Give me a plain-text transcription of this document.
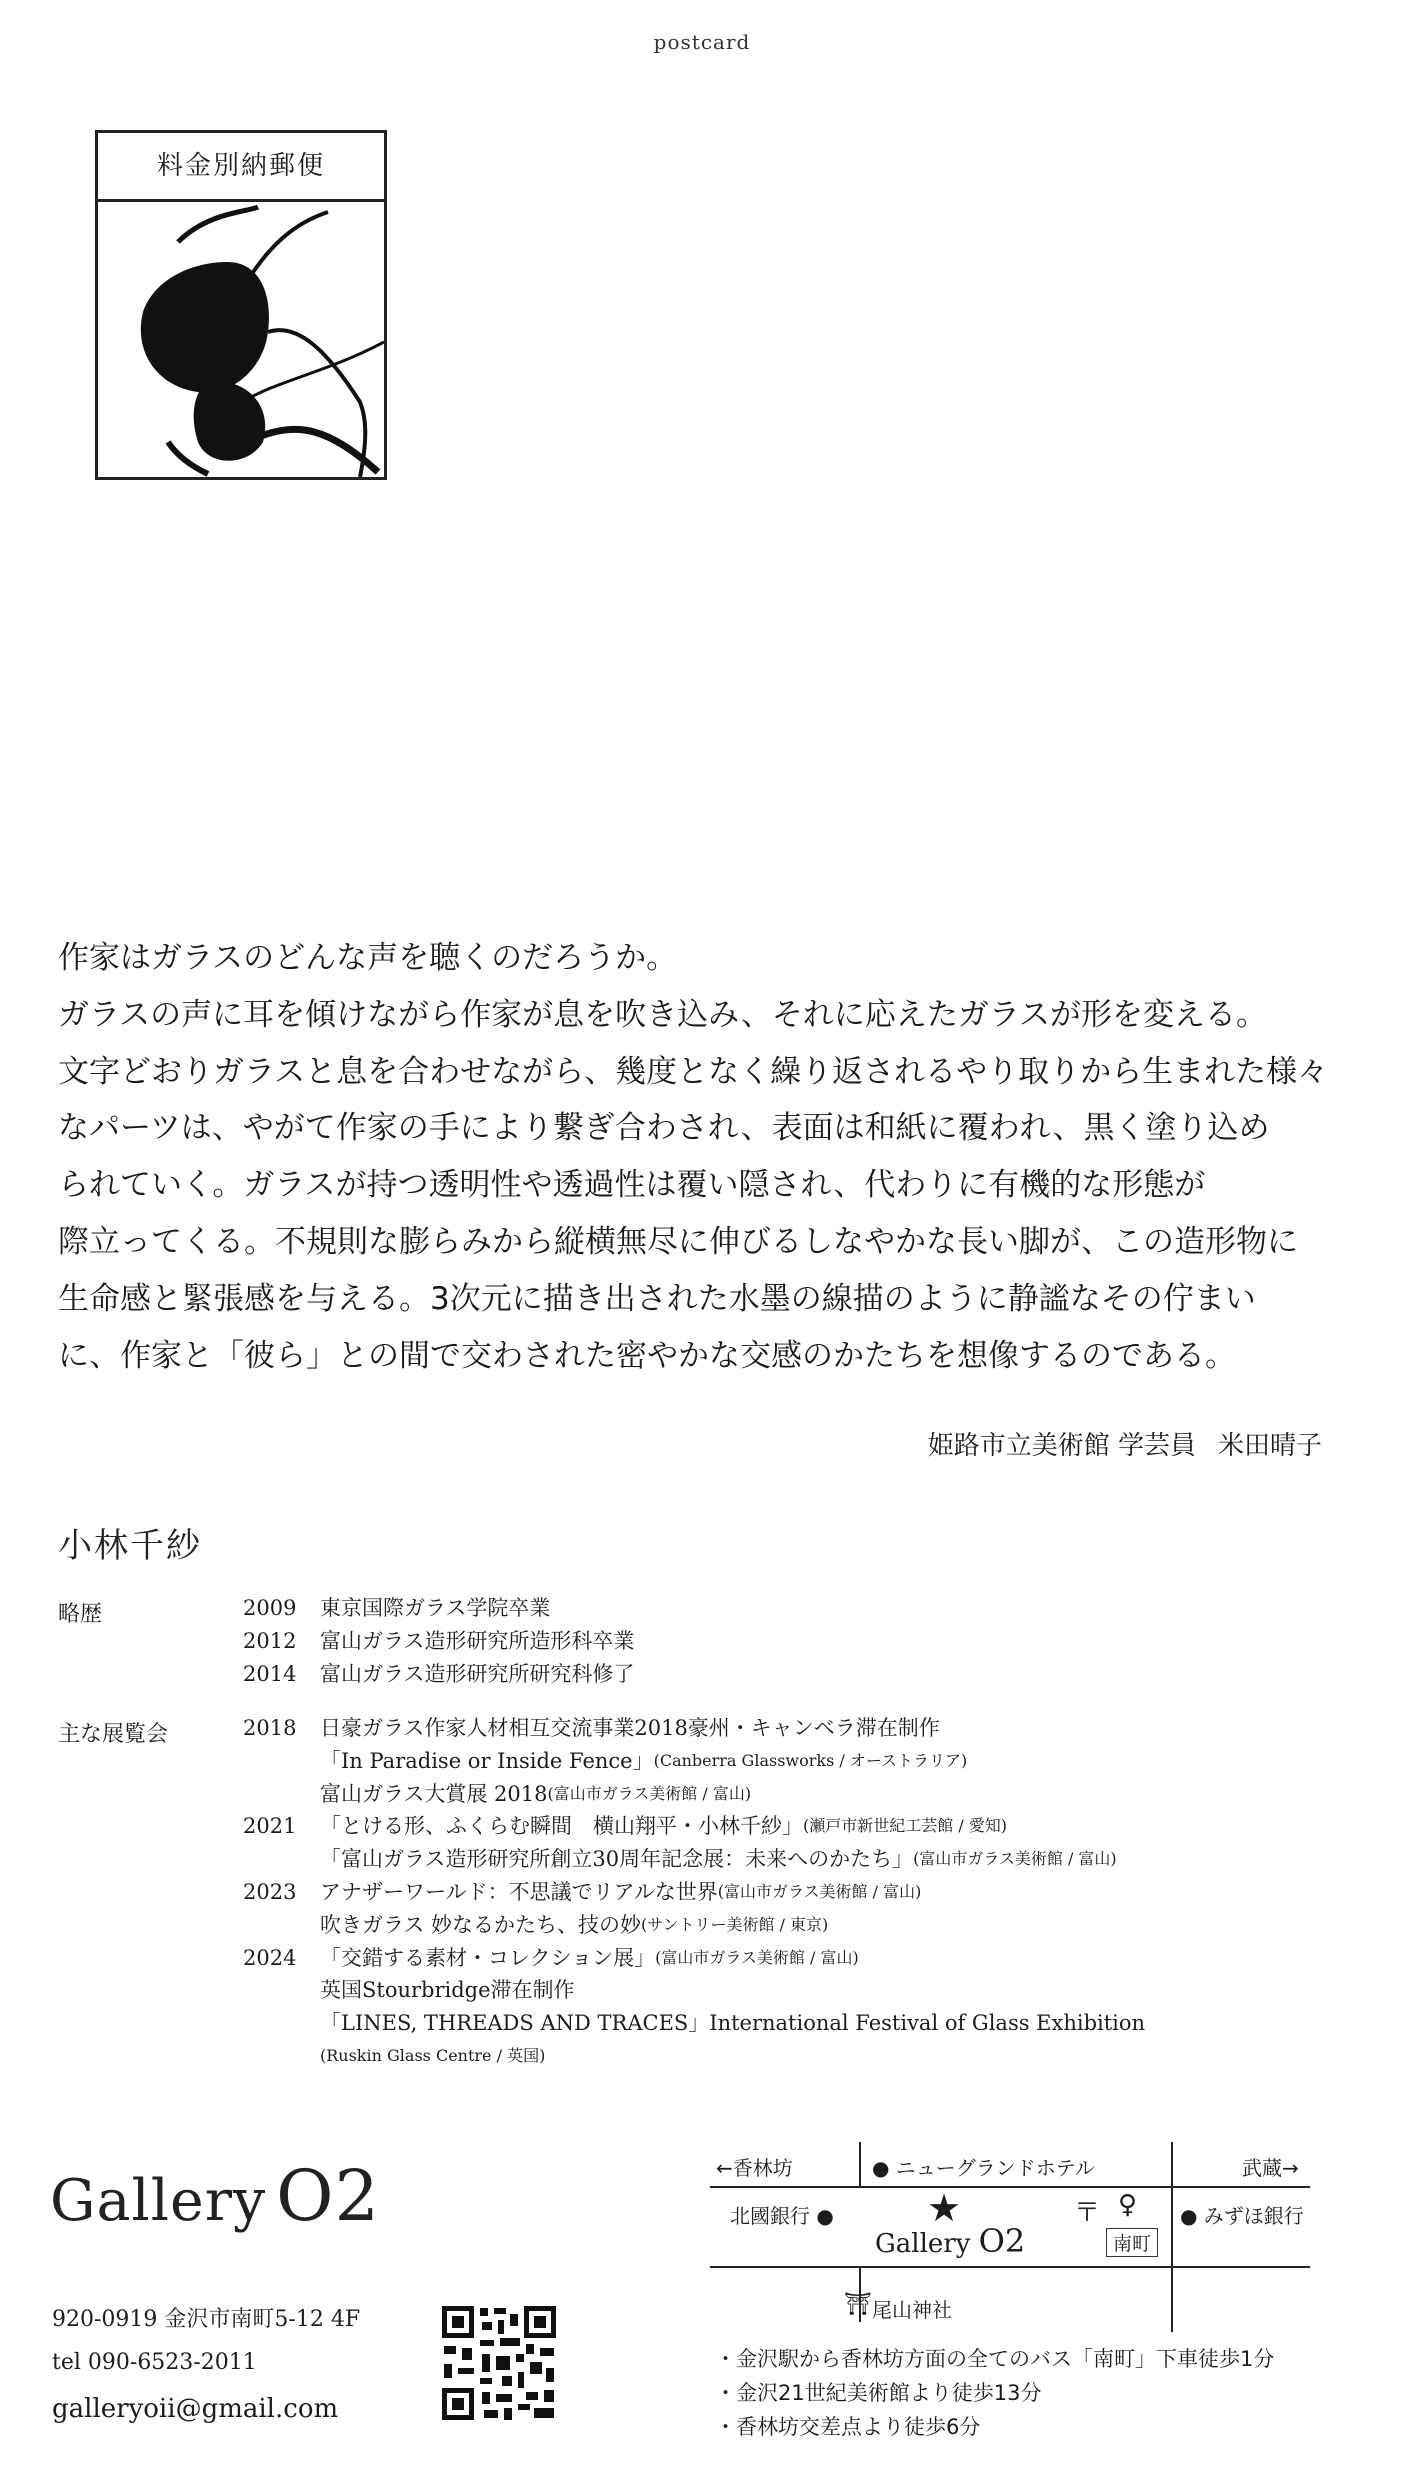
postcard
料金別納郵便

作家はガラスのどんな声を聴くのだろうか。

ガラスの声に耳を傾けながら作家が息を吹き込み、それに応えたガラスが形を変える。

文字どおりガラスと息を合わせながら、幾度となく繰り返されるやり取りから生まれた様々

なパーツは、やがて作家の手により繋ぎ合わされ、表面は和紙に覆われ、黒く塗り込め

られていく。ガラスが持つ透明性や透過性は覆い隠され、代わりに有機的な形態が

際立ってくる。不規則な膨らみから縦横無尽に伸びるしなやかな長い脚が、この造形物に

生命感と緊張感を与える。3次元に描き出された水墨の線描のように静謐なその佇まい

に、作家と「彼ら」との間で交わされた密やかな交感のかたちを想像するのである。

姫路市立美術館 学芸員 米田晴子
小林千紗
略歴	2009	東京国際ガラス学院卒業
2012	富山ガラス造形研究所造形科卒業
2014	富山ガラス造形研究所研究科修了
主な展覧会	2018	日豪ガラス作家人材相互交流事業2018豪州・キャンベラ滞在制作
「In Paradise or Inside Fence」 (Canberra Glassworks / オーストラリア)
富山ガラス大賞展 2018 (富山市ガラス美術館 / 富山)
2021	「とける形、ふくらむ瞬間　横山翔平・小林千紗」 (瀬戸市新世紀工芸館 / 愛知)
「富山ガラス造形研究所創立30周年記念展：未来へのかたち」 (富山市ガラス美術館 / 富山)
2023	アナザーワールド：不思議でリアルな世界 (富山市ガラス美術館 / 富山)
吹きガラス 妙なるかたち、技の妙 (サントリー美術館 / 東京)
2024	「交錯する素材・コレクション展」 (富山市ガラス美術館 / 富山)
英国Stourbridge滞在制作
「LINES, THREADS AND TRACES」International Festival of Glass Exhibition
(Ruskin Glass Centre / 英国)
Gallery O2
920-0919 金沢市南町5-12 4F
tel 090-6523-2011
galleryoii@gmail.com
←香林坊	● ニューグランドホテル	武蔵→
北國銀行 ●	● みずほ銀行
★
Gallery O2
〒 ♀
南町
⛩ 尾山神社
・金沢駅から香林坊方面の全てのバス「南町」下車徒歩1分
・金沢21世紀美術館より徒歩13分
・香林坊交差点より徒歩6分
